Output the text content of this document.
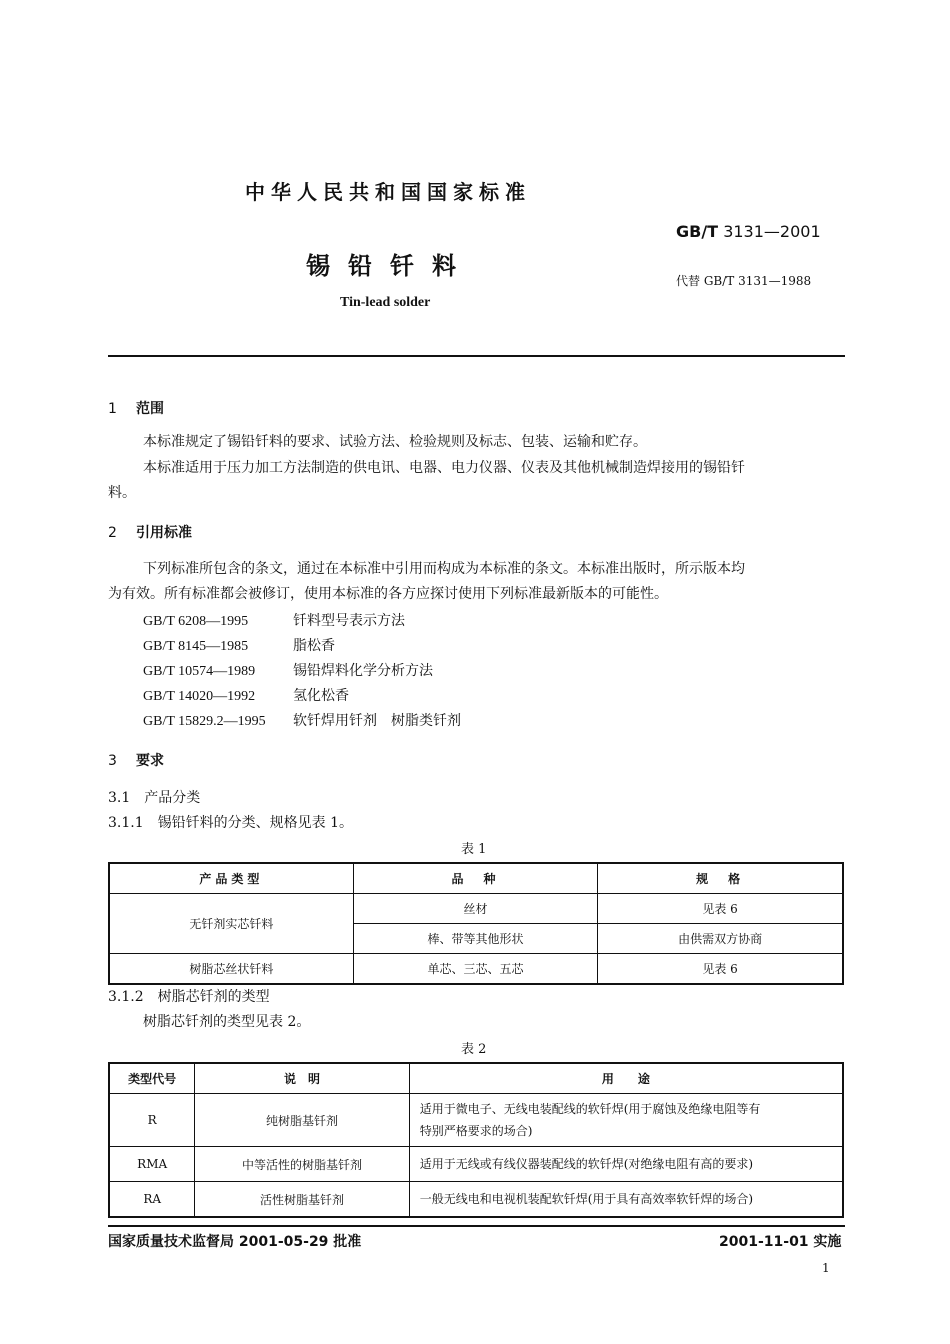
中华人民共和国国家标准
GB/T 3131—2001
锡铅钎料
代替 GB/T 3131—1988
Tin-lead solder
1 范围
本标准规定了锡铅钎料的要求、试验方法、检验规则及标志、包装、运输和贮存。
本标准适用于压力加工方法制造的供电讯、电器、电力仪器、仪表及其他机械制造焊接用的锡铅钎
料。
2 引用标准
下列标准所包含的条文，通过在本标准中引用而构成为本标准的条文。本标准出版时，所示版本均
为有效。所有标准都会被修订，使用本标准的各方应探讨使用下列标准最新版本的可能性。
GB/T 6208—1995	钎料型号表示方法
GB/T 8145—1985	脂松香
GB/T 10574—1989	锡铅焊料化学分析方法
GB/T 14020—1992	氢化松香
GB/T 15829.2—1995 软钎焊用钎剂　树脂类钎剂
3 要求
3.1　产品分类
3.1.1　锡铅钎料的分类、规格见表 1。
表 1
产品类型	品　种	规　格
无钎剂实芯钎料	丝材	见表 6
	棒、带等其他形状	由供需双方协商
树脂芯丝状钎料	单芯、三芯、五芯	见表 6
3.1.2　树脂芯钎剂的类型
树脂芯钎剂的类型见表 2。
表 2
类型代号	说　明	用　　途
R	纯树脂基钎剂	适用于微电子、无线电装配线的软钎焊(用于腐蚀及绝缘电阻等有
特别严格要求的场合)
RMA	中等活性的树脂基钎剂	适用于无线或有线仪器装配线的软钎焊(对绝缘电阻有高的要求)
RA	活性树脂基钎剂	一般无线电和电视机装配软钎焊(用于具有高效率软钎焊的场合)
国家质量技术监督局 2001-05-29 批准	2001-11-01 实施
1
